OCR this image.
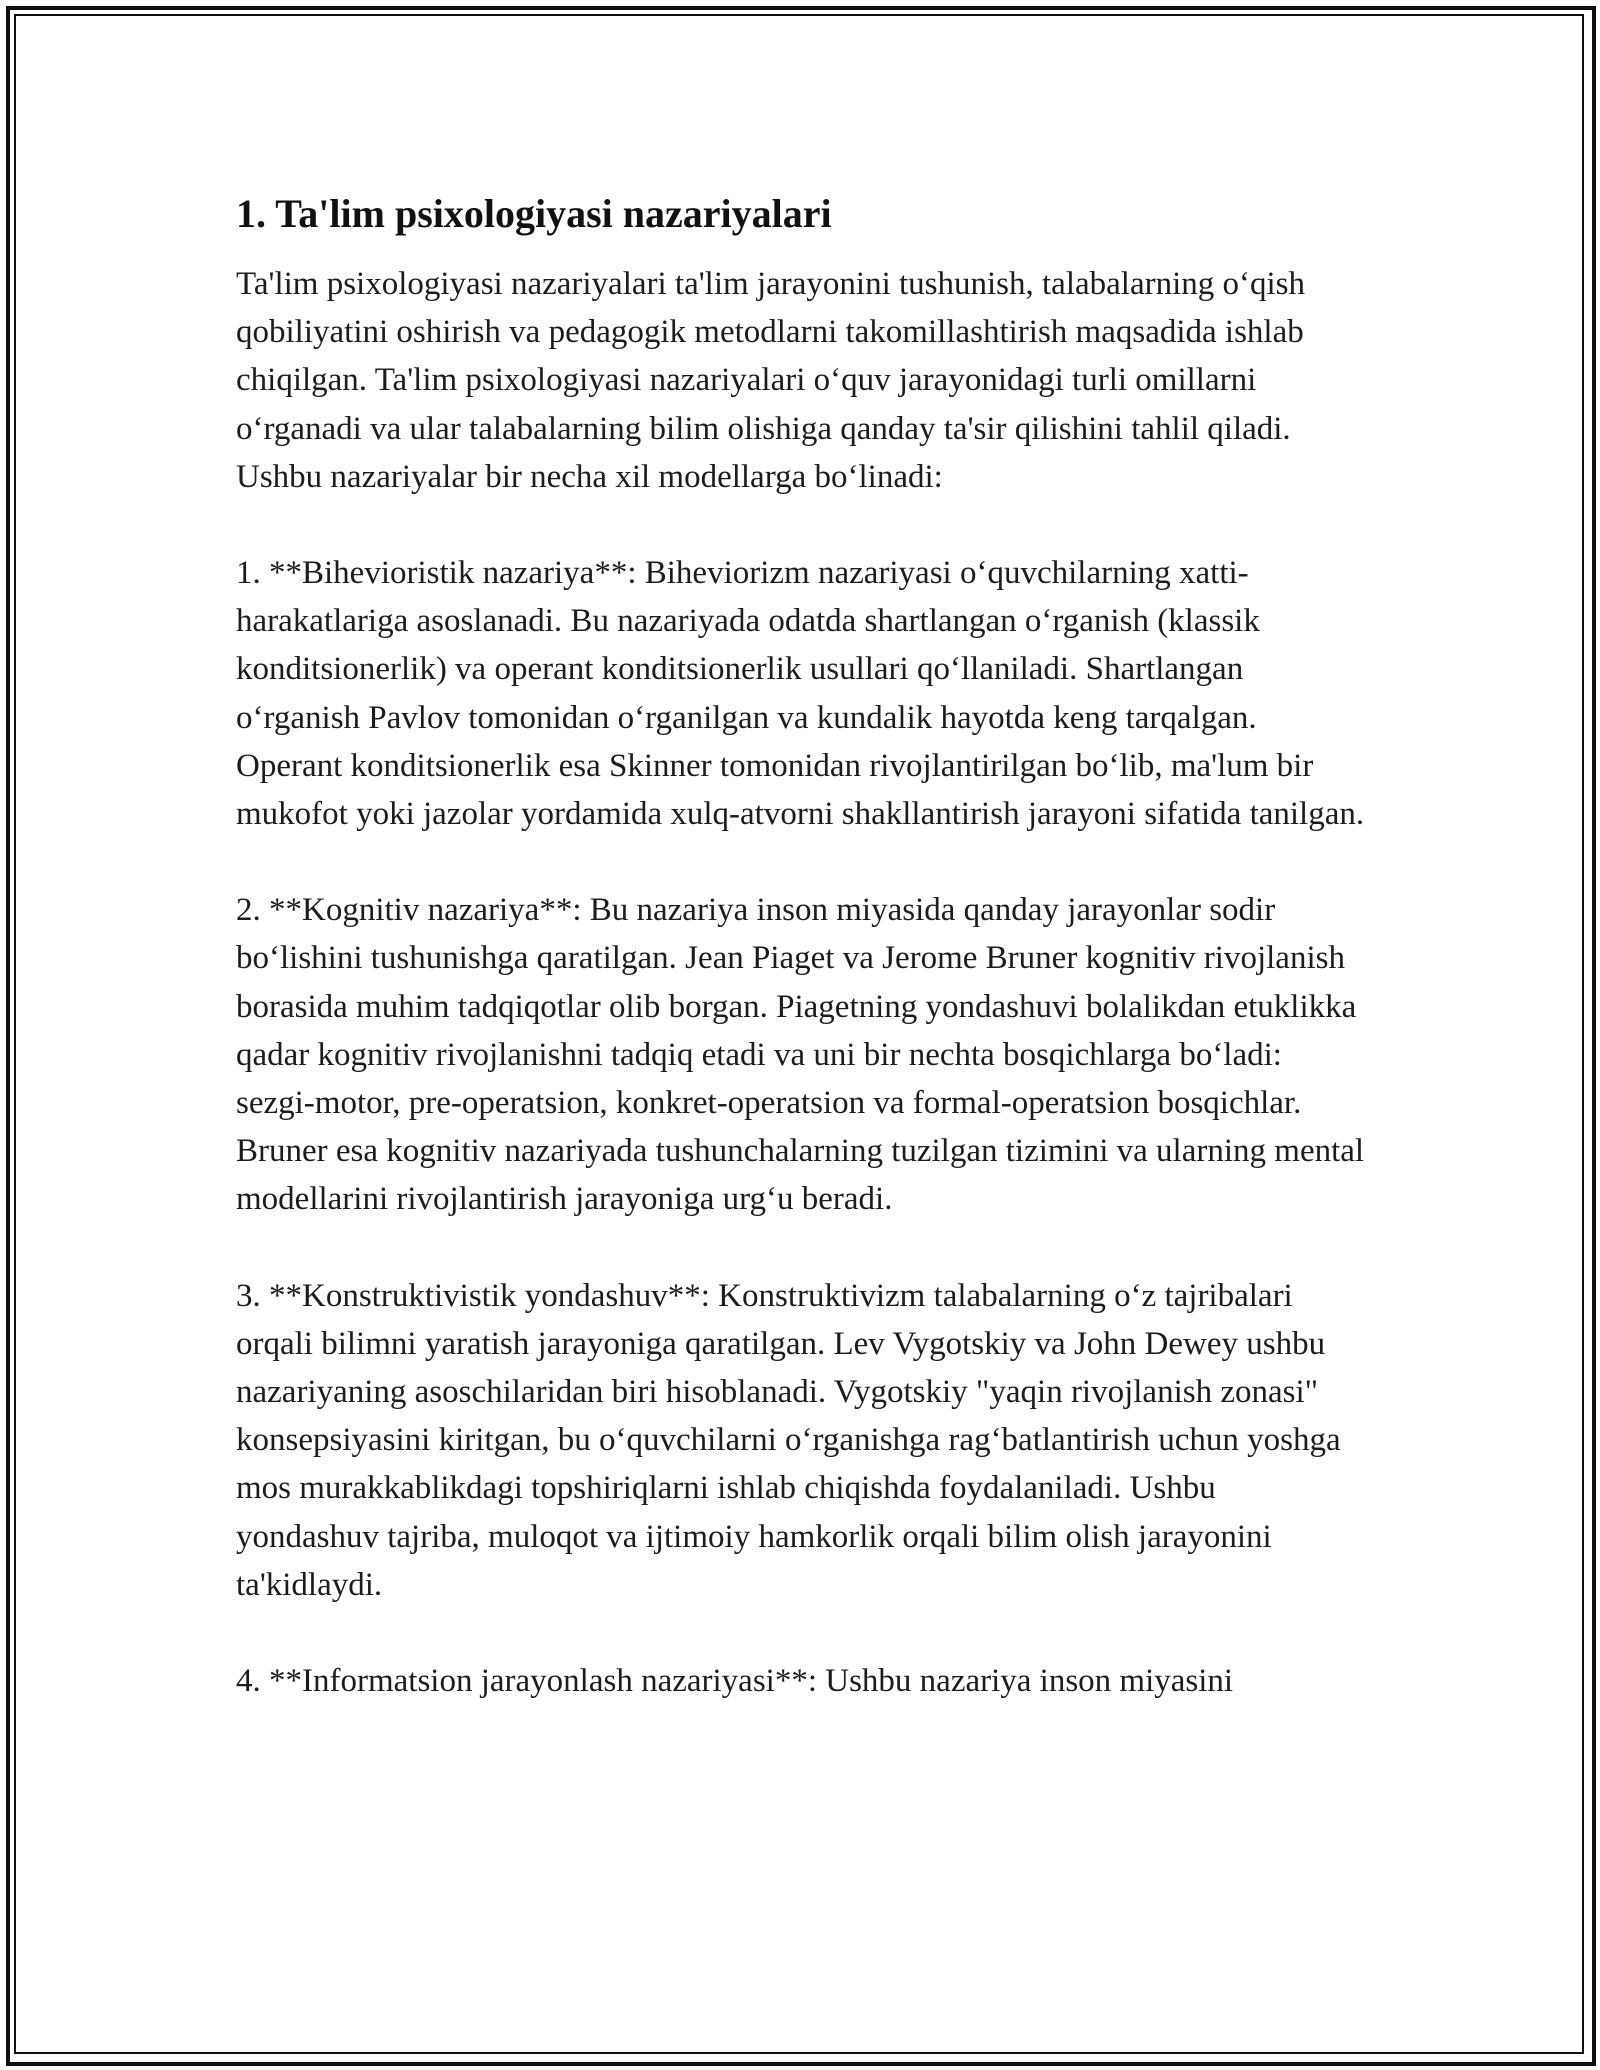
1. Ta'lim psixologiyasi nazariyalari

Ta'lim psixologiyasi nazariyalari ta'lim jarayonini tushunish, talabalarning o‘qish qobiliyatini oshirish va pedagogik metodlarni takomillashtirish maqsadida ishlab chiqilgan. Ta'lim psixologiyasi nazariyalari o‘quv jarayonidagi turli omillarni o‘rganadi va ular talabalarning bilim olishiga qanday ta'sir qilishini tahlil qiladi. Ushbu nazariyalar bir necha xil modellarga bo‘linadi:

1. **Bihevioristik nazariya**: Biheviorizm nazariyasi o‘quvchilarning xatti-harakatlariga asoslanadi. Bu nazariyada odatda shartlangan o‘rganish (klassik konditsionerlik) va operant konditsionerlik usullari qo‘llaniladi. Shartlangan o‘rganish Pavlov tomonidan o‘rganilgan va kundalik hayotda keng tarqalgan. Operant konditsionerlik esa Skinner tomonidan rivojlantirilgan bo‘lib, ma'lum bir mukofot yoki jazolar yordamida xulq-atvorni shakllantirish jarayoni sifatida tanilgan.

2. **Kognitiv nazariya**: Bu nazariya inson miyasida qanday jarayonlar sodir bo‘lishini tushunishga qaratilgan. Jean Piaget va Jerome Bruner kognitiv rivojlanish borasida muhim tadqiqotlar olib borgan. Piagetning yondashuvi bolalikdan etuklikka qadar kognitiv rivojlanishni tadqiq etadi va uni bir nechta bosqichlarga bo‘ladi: sezgi-motor, pre-operatsion, konkret-operatsion va formal-operatsion bosqichlar. Bruner esa kognitiv nazariyada tushunchalarning tuzilgan tizimini va ularning mental modellarini rivojlantirish jarayoniga urg‘u beradi.

3. **Konstruktivistik yondashuv**: Konstruktivizm talabalarning o‘z tajribalari orqali bilimni yaratish jarayoniga qaratilgan. Lev Vygotskiy va John Dewey ushbu nazariyaning asoschilaridan biri hisoblanadi. Vygotskiy "yaqin rivojlanish zonasi" konsepsiyasini kiritgan, bu o‘quvchilarni o‘rganishga rag‘batlantirish uchun yoshga mos murakkablikdagi topshiriqlarni ishlab chiqishda foydalaniladi. Ushbu yondashuv tajriba, muloqot va ijtimoiy hamkorlik orqali bilim olish jarayonini ta'kidlaydi.

4. **Informatsion jarayonlash nazariyasi**: Ushbu nazariya inson miyasini
